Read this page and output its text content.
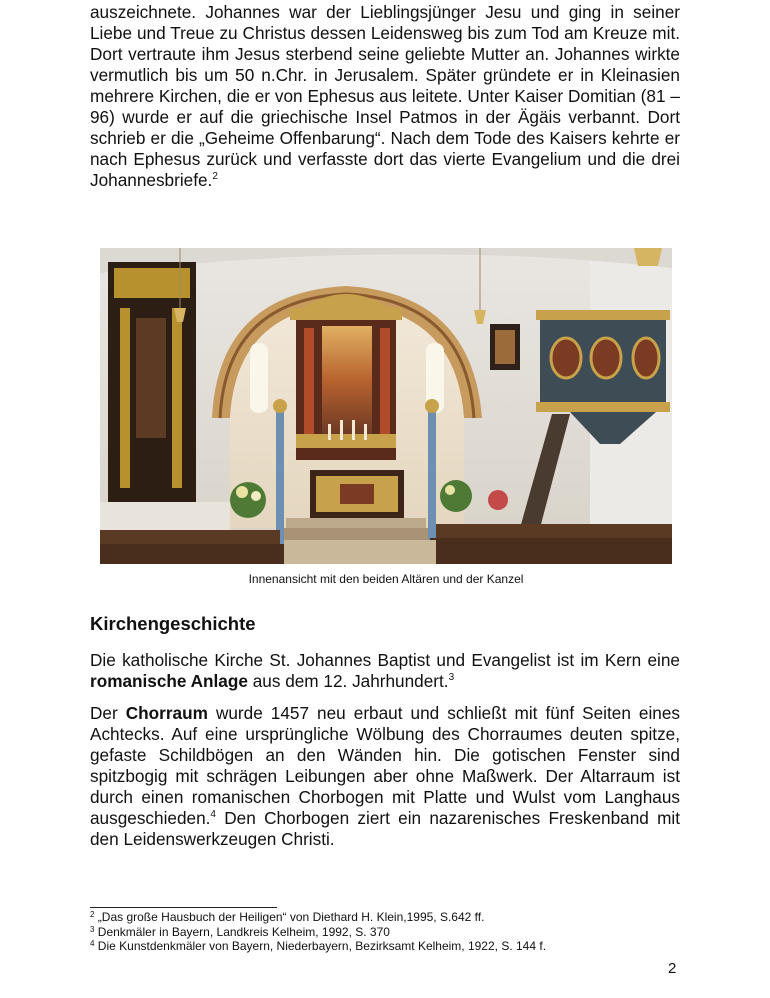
auszeichnete. Johannes war der Lieblingsjünger Jesu und ging in seiner Liebe und Treue zu Christus dessen Leidensweg bis zum Tod am Kreuze mit. Dort vertraute ihm Jesus sterbend seine geliebte Mutter an. Johannes wirkte vermutlich bis um 50 n.Chr. in Jerusalem. Später gründete er in Kleinasien mehrere Kirchen, die er von Ephesus aus leitete. Unter Kaiser Domitian (81 – 96) wurde er auf die griechische Insel Patmos in der Ägäis verbannt. Dort schrieb er die „Geheime Offenbarung“. Nach dem Tode des Kaisers kehrte er nach Ephesus zurück und verfasste dort das vierte Evangelium und die drei Johannesbriefe.$^2$

Innenansicht mit den beiden Altären und der Kanzel

Kirchengeschichte

Die katholische Kirche St. Johannes Baptist und Evangelist ist im Kern eine romanische Anlage aus dem 12. Jahrhundert.$^3$

Der Chorraum wurde 1457 neu erbaut und schließt mit fünf Seiten eines Achtecks. Auf eine ursprüngliche Wölbung des Chorraumes deuten spitze, gefaste Schildbögen an den Wänden hin. Die gotischen Fenster sind spitzbogig mit schrägen Leibungen aber ohne Maßwerk. Der Altarraum ist durch einen romanischen Chorbogen mit Platte und Wulst vom Langhaus ausgeschieden.$^4$ Den Chorbogen ziert ein nazarenisches Freskenband mit den Leidenswerkzeugen Christi.

$^2$ „Das große Hausbuch der Heiligen“ von Diethard H. Klein,1995, S.642 ff.
$^3$ Denkmäler in Bayern, Landkreis Kelheim, 1992, S. 370
$^4$ Die Kunstdenkmäler von Bayern, Niederbayern, Bezirksamt Kelheim, 1922, S. 144 f.
2
